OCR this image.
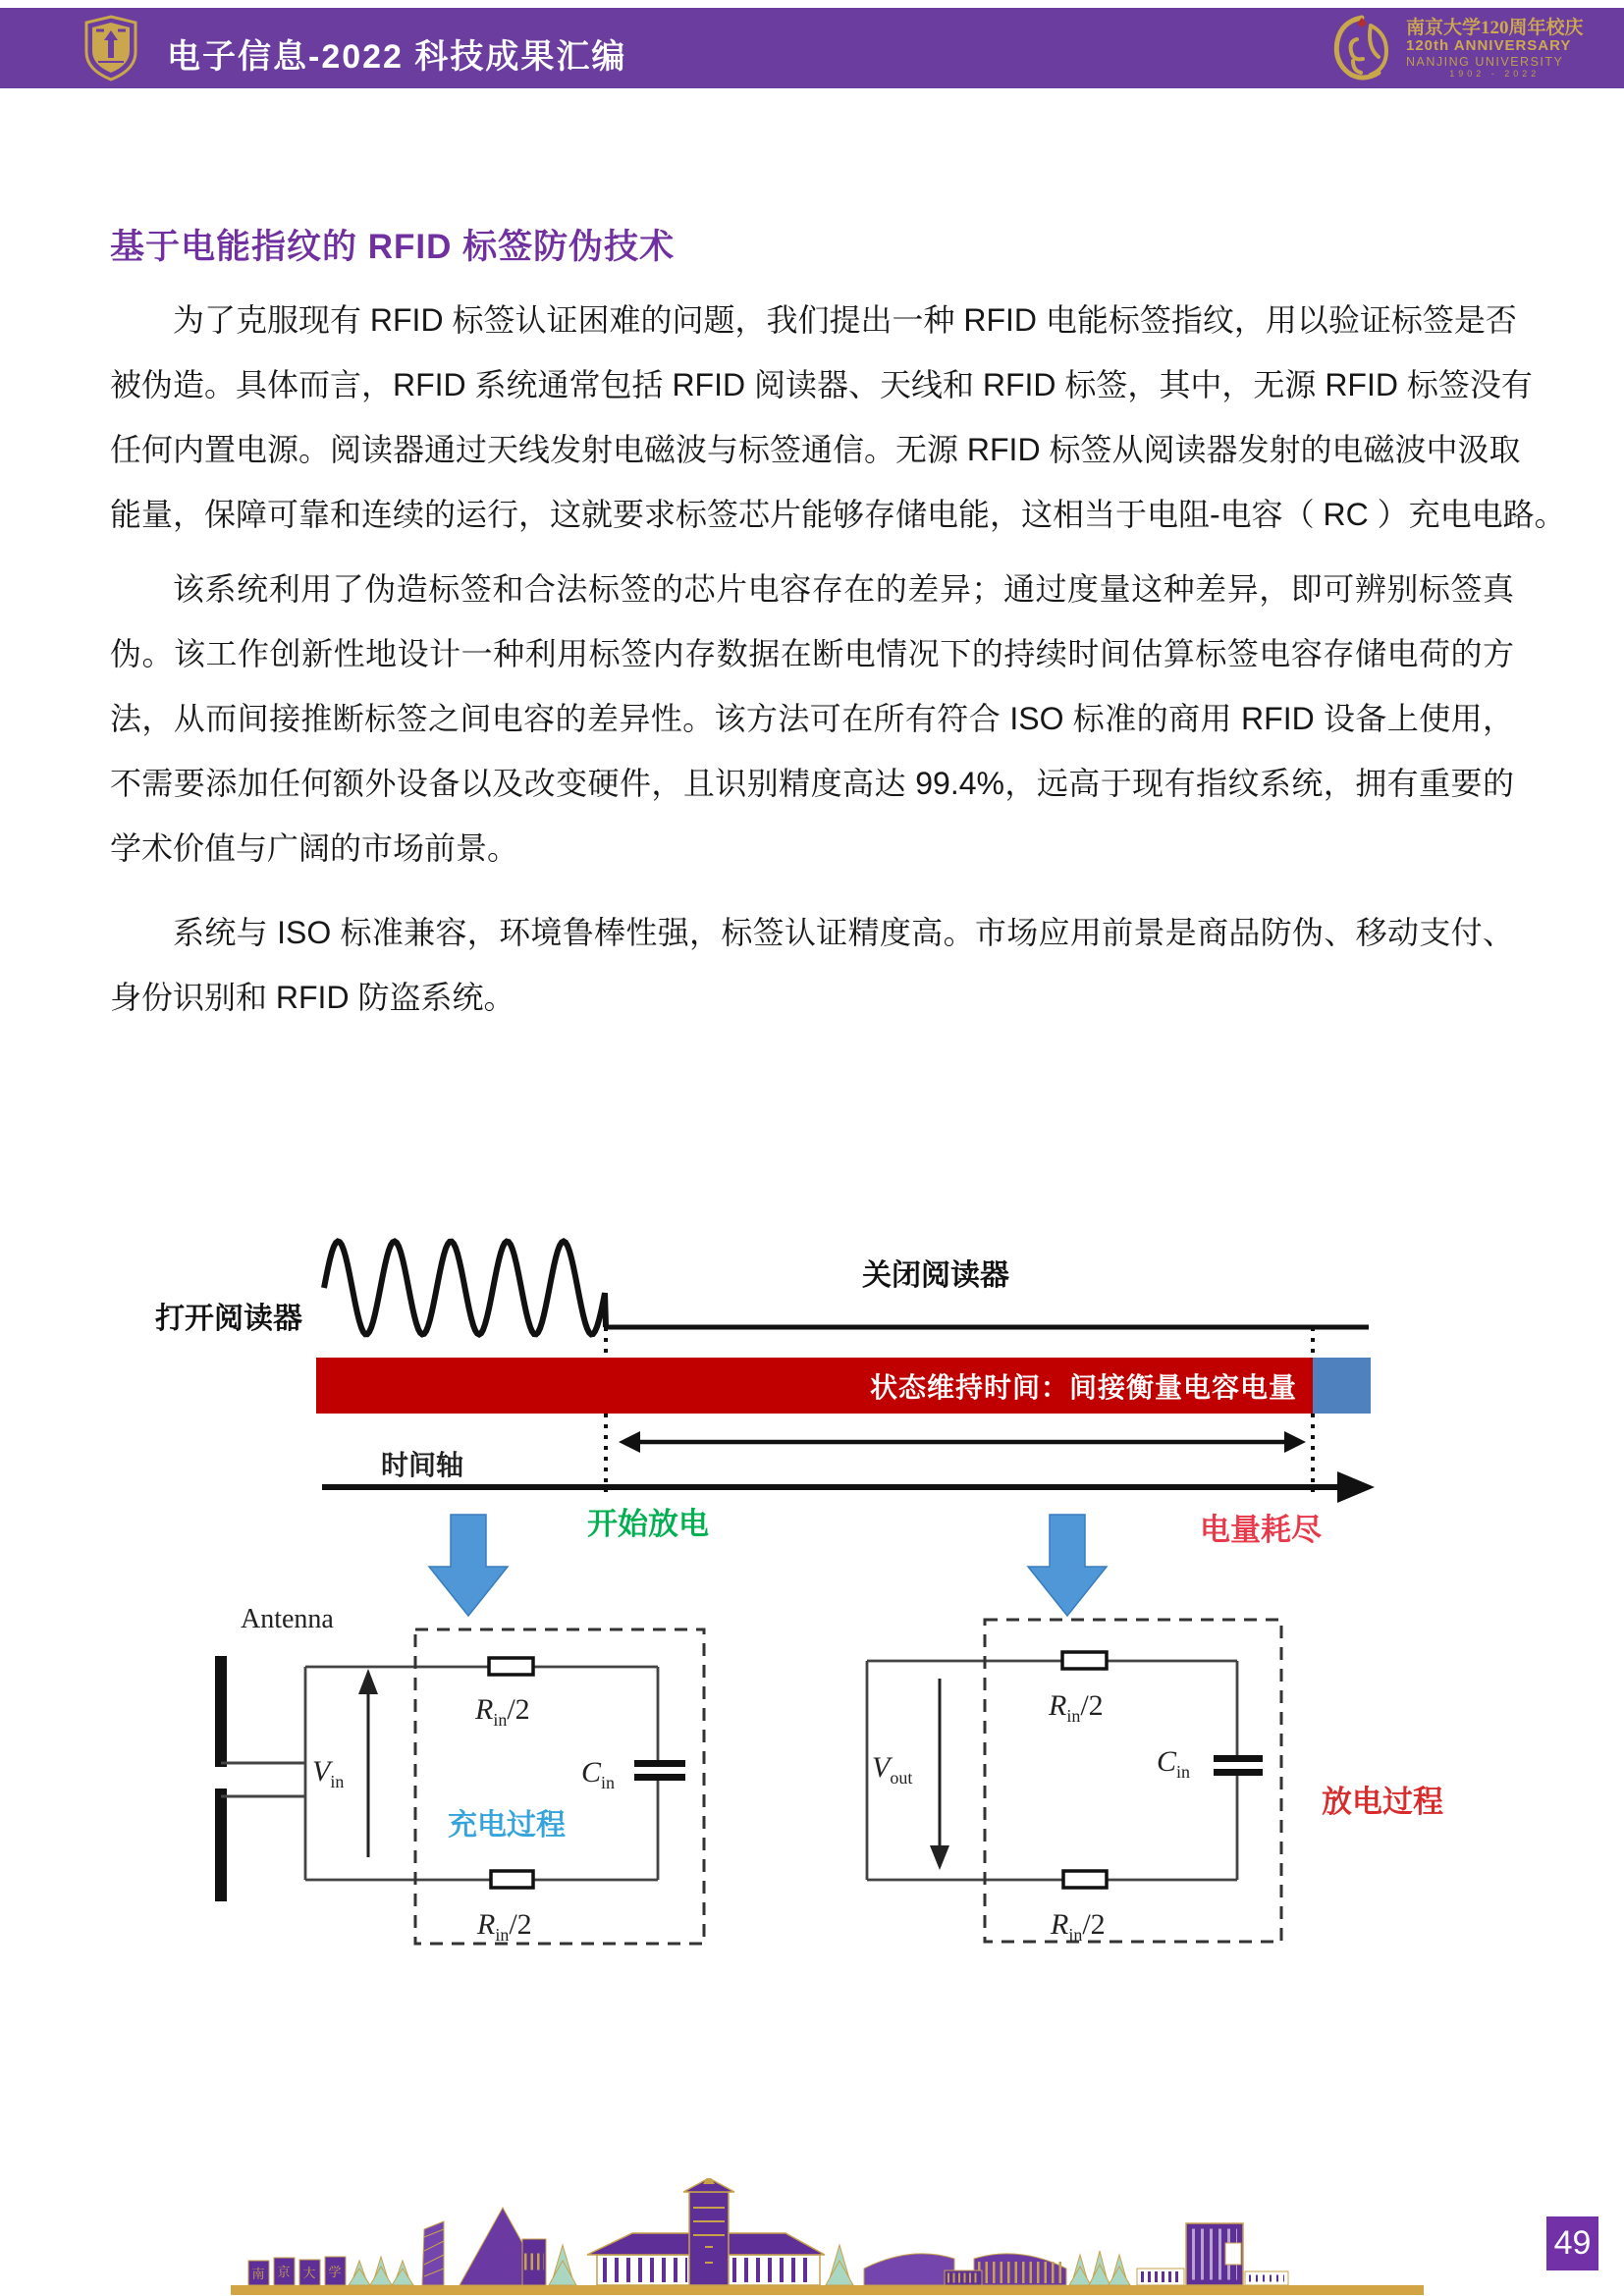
电子信息-2022 科技成果汇编
南京大学120周年校庆
120th ANNIVERSARY
NANJING UNIVERSITY
1902 - 2022
基于电能指纹的 RFID 标签防伪技术
为了克服现有 RFID 标签认证困难的问题，我们提出一种 RFID 电能标签指纹，用以验证标签是否
被伪造。具体而言，RFID 系统通常包括 RFID 阅读器、天线和 RFID 标签，其中，无源 RFID 标签没有
任何内置电源。阅读器通过天线发射电磁波与标签通信。无源 RFID 标签从阅读器发射的电磁波中汲取
能量，保障可靠和连续的运行，这就要求标签芯片能够存储电能，这相当于电阻-电容（ RC ）充电电路。
该系统利用了伪造标签和合法标签的芯片电容存在的差异；通过度量这种差异，即可辨别标签真
伪。该工作创新性地设计一种利用标签内存数据在断电情况下的持续时间估算标签电容存储电荷的方
法，从而间接推断标签之间电容的差异性。该方法可在所有符合 ISO 标准的商用 RFID 设备上使用，
不需要添加任何额外设备以及改变硬件，且识别精度高达 99.4%，远高于现有指纹系统，拥有重要的
学术价值与广阔的市场前景。
系统与 ISO 标准兼容，环境鲁棒性强，标签认证精度高。市场应用前景是商品防伪、移动支付、
身份识别和 RFID 防盗系统。
打开阅读器
关闭阅读器
状态维持时间：间接衡量电容电量
时间轴
开始放电	电量耗尽
Antenna
$V_{in}$
$R_{in}/2$
$C_{in}$
充电过程
$R_{in}/2$
$V_{out}$
$R_{in}/2$
$C_{in}$
$R_{in}/2$
放电过程
南 京 大 学
49
